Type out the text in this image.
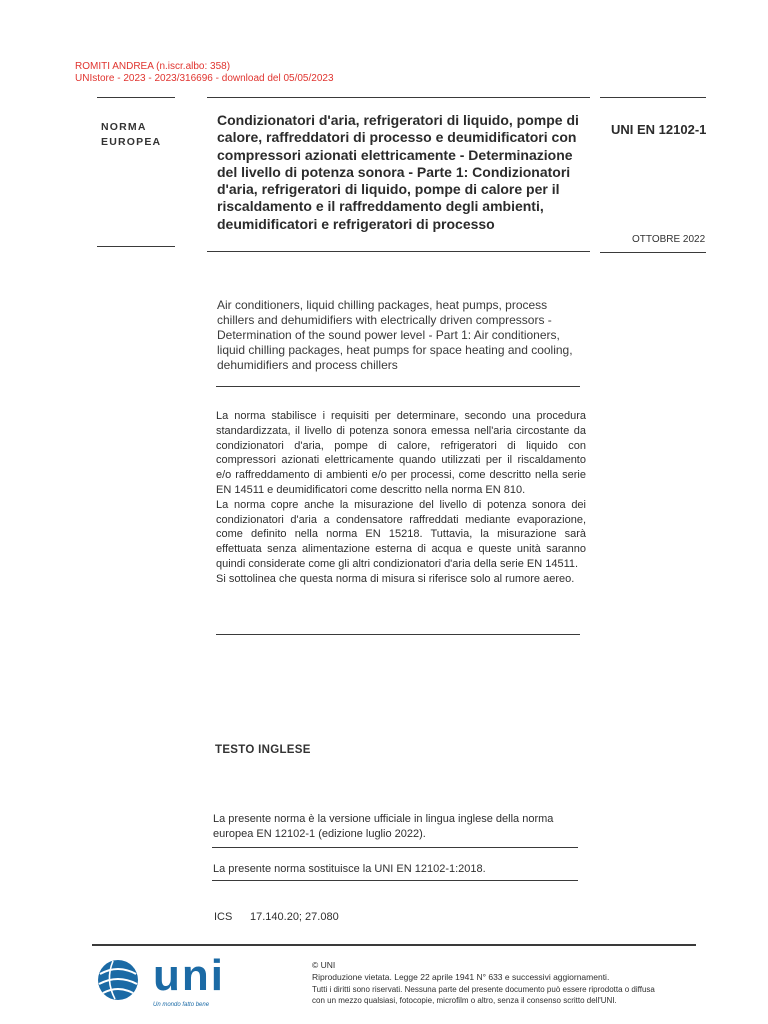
ROMITI ANDREA (n.iscr.albo: 358)
UNIstore - 2023 - 2023/316696 - download del 05/05/2023
NORMA
EUROPEA
Condizionatori d'aria, refrigeratori di liquido, pompe di calore, raffreddatori di processo e deumidificatori con compressori azionati elettricamente - Determinazione del livello di potenza sonora - Parte 1: Condizionatori d'aria, refrigeratori di liquido, pompe di calore per il riscaldamento e il raffreddamento degli ambienti, deumidificatori e refrigeratori di processo
UNI EN 12102-1
OTTOBRE 2022
Air conditioners, liquid chilling packages, heat pumps, process chillers and dehumidifiers with electrically driven compressors - Determination of the sound power level - Part 1: Air conditioners, liquid chilling packages, heat pumps for space heating and cooling, dehumidifiers and process chillers

La norma stabilisce i requisiti per determinare, secondo una procedura standardizzata, il livello di potenza sonora emessa nell'aria circostante da condizionatori d'aria, pompe di calore, refrigeratori di liquido con compressori azionati elettricamente quando utilizzati per il riscaldamento e/o raffreddamento di ambienti e/o per processi, come descritto nella serie EN 14511 e deumidificatori come descritto nella norma EN 810.

La norma copre anche la misurazione del livello di potenza sonora dei condizionatori d'aria a condensatore raffreddati mediante evaporazione, come definito nella norma EN 15218. Tuttavia, la misurazione sarà effettuata senza alimentazione esterna di acqua e queste unità saranno quindi considerate come gli altri condizionatori d'aria della serie EN 14511.

Si sottolinea che questa norma di misura si riferisce solo al rumore aereo.

TESTO INGLESE
La presente norma è la versione ufficiale in lingua inglese della norma europea EN 12102-1 (edizione luglio 2022).
La presente norma sostituisce la UNI EN 12102-1:2018.
ICS 17.140.20; 27.080
uni
Un mondo fatto bene
© UNI
Riproduzione vietata. Legge 22 aprile 1941 N° 633 e successivi aggiornamenti.
Tutti i diritti sono riservati. Nessuna parte del presente documento può essere riprodotta o diffusa
con un mezzo qualsiasi, fotocopie, microfilm o altro, senza il consenso scritto dell'UNI.
